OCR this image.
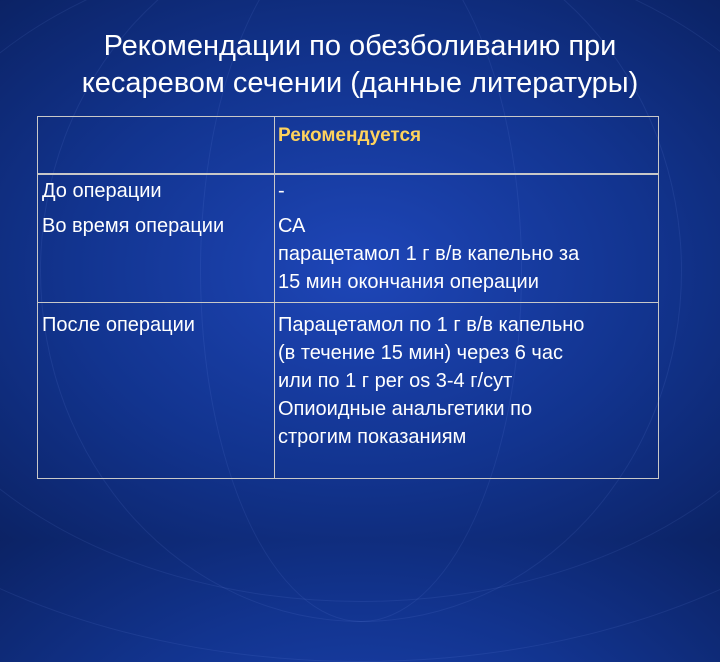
Рекомендации по обезболиванию при
кесаревом сечении (данные литературы)
Рекомендуется
До операции	-
Во время операции	СА
парацетамол 1 г в/в капельно за
15 мин окончания операции
После операции	Парацетамол по 1 г в/в капельно
(в течение 15 мин) через 6 час
или по 1 г per os 3-4 г/сут
Опиоидные анальгетики по
строгим показаниям
